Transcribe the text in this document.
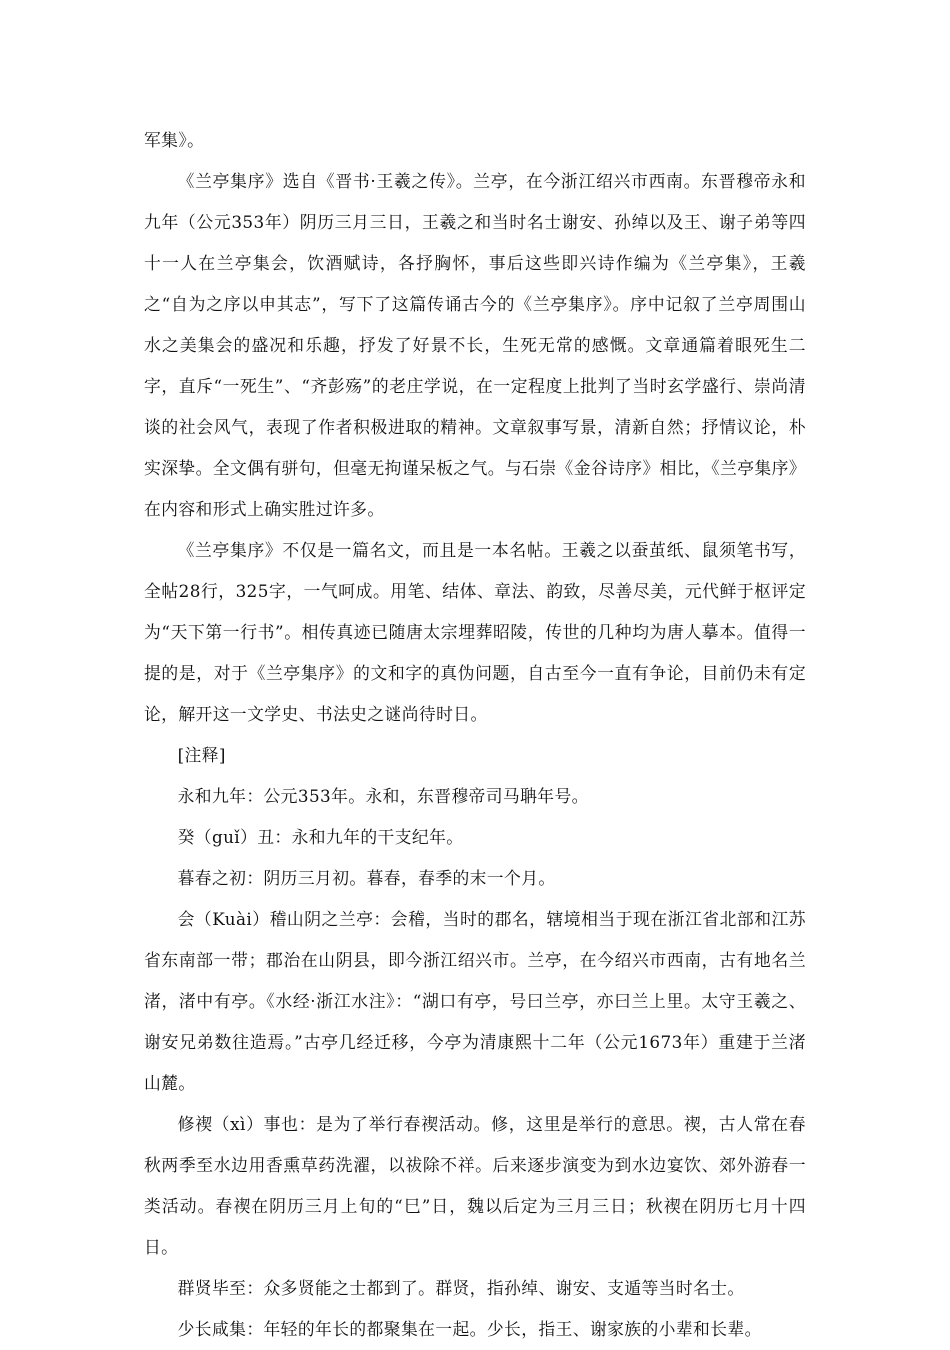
军集》。

《兰亭集序》选自《晋书·王羲之传》。兰亭，在今浙江绍兴市西南。东晋穆帝永和九年（公元353年）阴历三月三日，王羲之和当时名士谢安、孙绰以及王、谢子弟等四十一人在兰亭集会，饮酒赋诗，各抒胸怀，事后这些即兴诗作编为《兰亭集》，王羲之“自为之序以申其志”，写下了这篇传诵古今的《兰亭集序》。序中记叙了兰亭周围山水之美集会的盛况和乐趣，抒发了好景不长，生死无常的感慨。文章通篇着眼死生二字，直斥“一死生”、“齐彭殇”的老庄学说，在一定程度上批判了当时玄学盛行、崇尚清谈的社会风气，表现了作者积极进取的精神。文章叙事写景，清新自然；抒情议论，朴实深挚。全文偶有骈句，但毫无拘谨呆板之气。与石崇《金谷诗序》相比，《兰亭集序》在内容和形式上确实胜过许多。

《兰亭集序》不仅是一篇名文，而且是一本名帖。王羲之以蚕茧纸、鼠须笔书写，全帖28行，325字，一气呵成。用笔、结体、章法、韵致，尽善尽美，元代鲜于枢评定为“天下第一行书”。相传真迹已随唐太宗埋葬昭陵，传世的几种均为唐人摹本。值得一提的是，对于《兰亭集序》的文和字的真伪问题，自古至今一直有争论，目前仍未有定论，解开这一文学史、书法史之谜尚待时日。

[注释]

永和九年：公元353年。永和，东晋穆帝司马聃年号。

癸（guǐ）丑：永和九年的干支纪年。

暮春之初：阴历三月初。暮春，春季的末一个月。

会（Kuài）稽山阴之兰亭：会稽，当时的郡名，辖境相当于现在浙江省北部和江苏省东南部一带；郡治在山阴县，即今浙江绍兴市。兰亭，在今绍兴市西南，古有地名兰渚，渚中有亭。《水经·浙江水注》：“湖口有亭，号曰兰亭，亦曰兰上里。太守王羲之、谢安兄弟数往造焉。”古亭几经迁移，今亭为清康熙十二年（公元1673年）重建于兰渚山麓。

修禊（xì）事也：是为了举行春禊活动。修，这里是举行的意思。禊，古人常在春秋两季至水边用香熏草药洗濯，以祓除不祥。后来逐步演变为到水边宴饮、郊外游春一类活动。春禊在阴历三月上旬的“巳”日，魏以后定为三月三日；秋禊在阴历七月十四日。

群贤毕至：众多贤能之士都到了。群贤，指孙绰、谢安、支遁等当时名士。

少长咸集：年轻的年长的都聚集在一起。少长，指王、谢家族的小辈和长辈。
